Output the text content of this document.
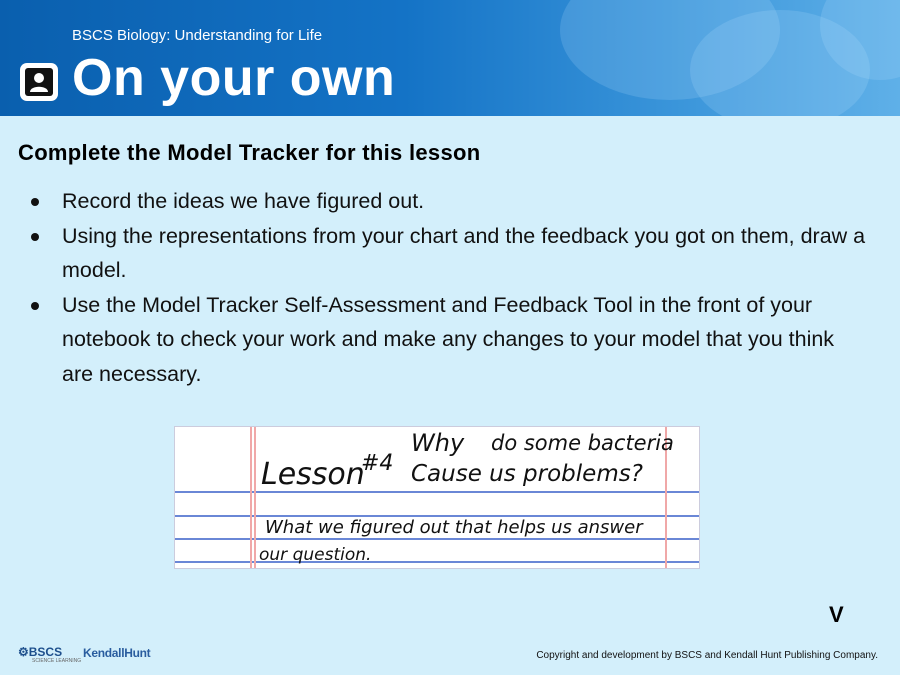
BSCS Biology: Understanding for Life
On your own
Complete the Model Tracker for this lesson
Record the ideas we have figured out.
Using the representations from your chart and the feedback you got on them, draw a model.
Use the Model Tracker Self-Assessment and Feedback Tool in the front of your notebook to check your work and make any changes to your model that you think are necessary.
Why do some bacteria
Lesson
#4 Cause us problems?
What we figured out that helps us answer
our question.
V
⚙BSCS
SCIENCE LEARNING
KendallHunt	Copyright and development by BSCS and Kendall Hunt Publishing Company.
